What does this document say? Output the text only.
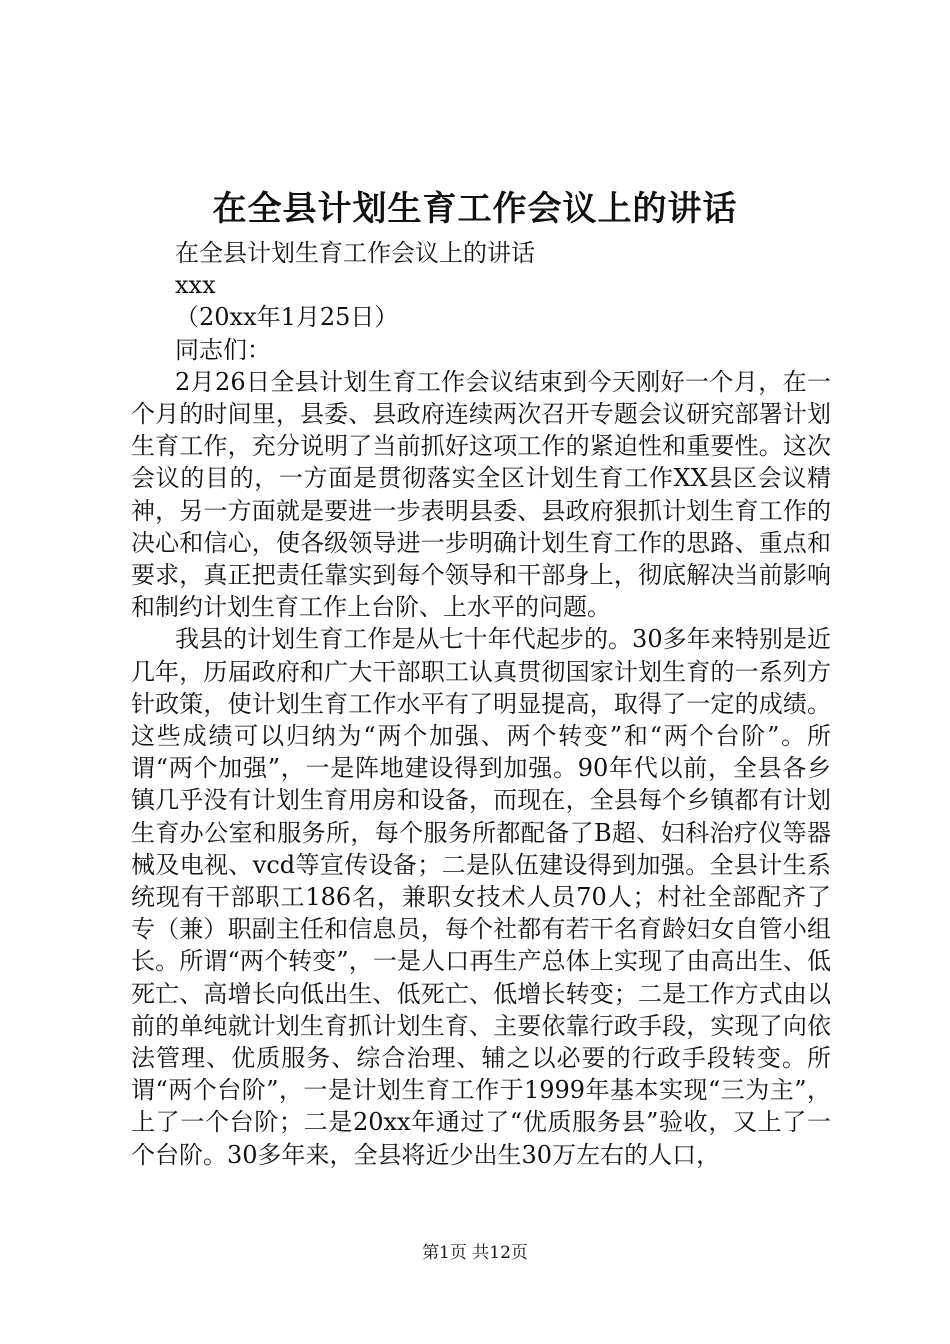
在全县计划生育工作会议上的讲话

在全县计划生育工作会议上的讲话

xxx

（20xx年1月25日）

同志们：

2月26日全县计划生育工作会议结束到今天刚好一个月，在一个月的时间里，县委、县政府连续两次召开专题会议研究部署计划生育工作，充分说明了当前抓好这项工作的紧迫性和重要性。这次会议的目的，一方面是贯彻落实全区计划生育工作XX县区会议精神，另一方面就是要进一步表明县委、县政府狠抓计划生育工作的决心和信心，使各级领导进一步明确计划生育工作的思路、重点和要求，真正把责任靠实到每个领导和干部身上，彻底解决当前影响和制约计划生育工作上台阶、上水平的问题。

我县的计划生育工作是从七十年代起步的。30多年来特别是近几年，历届政府和广大干部职工认真贯彻国家计划生育的一系列方针政策，使计划生育工作水平有了明显提高，取得了一定的成绩。这些成绩可以归纳为“两个加强、两个转变”和“两个台阶”。所谓“两个加强”，一是阵地建设得到加强。90年代以前，全县各乡镇几乎没有计划生育用房和设备，而现在，全县每个乡镇都有计划生育办公室和服务所，每个服务所都配备了B超、妇科治疗仪等器械及电视、vcd等宣传设备；二是队伍建设得到加强。全县计生系统现有干部职工186名，兼职女技术人员70人；村社全部配齐了专（兼）职副主任和信息员，每个社都有若干名育龄妇女自管小组长。所谓“两个转变”，一是人口再生产总体上实现了由高出生、低死亡、高增长向低出生、低死亡、低增长转变；二是工作方式由以前的单纯就计划生育抓计划生育、主要依靠行政手段，实现了向依法管理、优质服务、综合治理、辅之以必要的行政手段转变。所谓“两个台阶”，一是计划生育工作于1999年基本实现“三为主”，上了一个台阶；二是20xx年通过了“优质服务县”验收，又上了一个台阶。30多年来，全县将近少出生30万左右的人口，

第1页 共12页
